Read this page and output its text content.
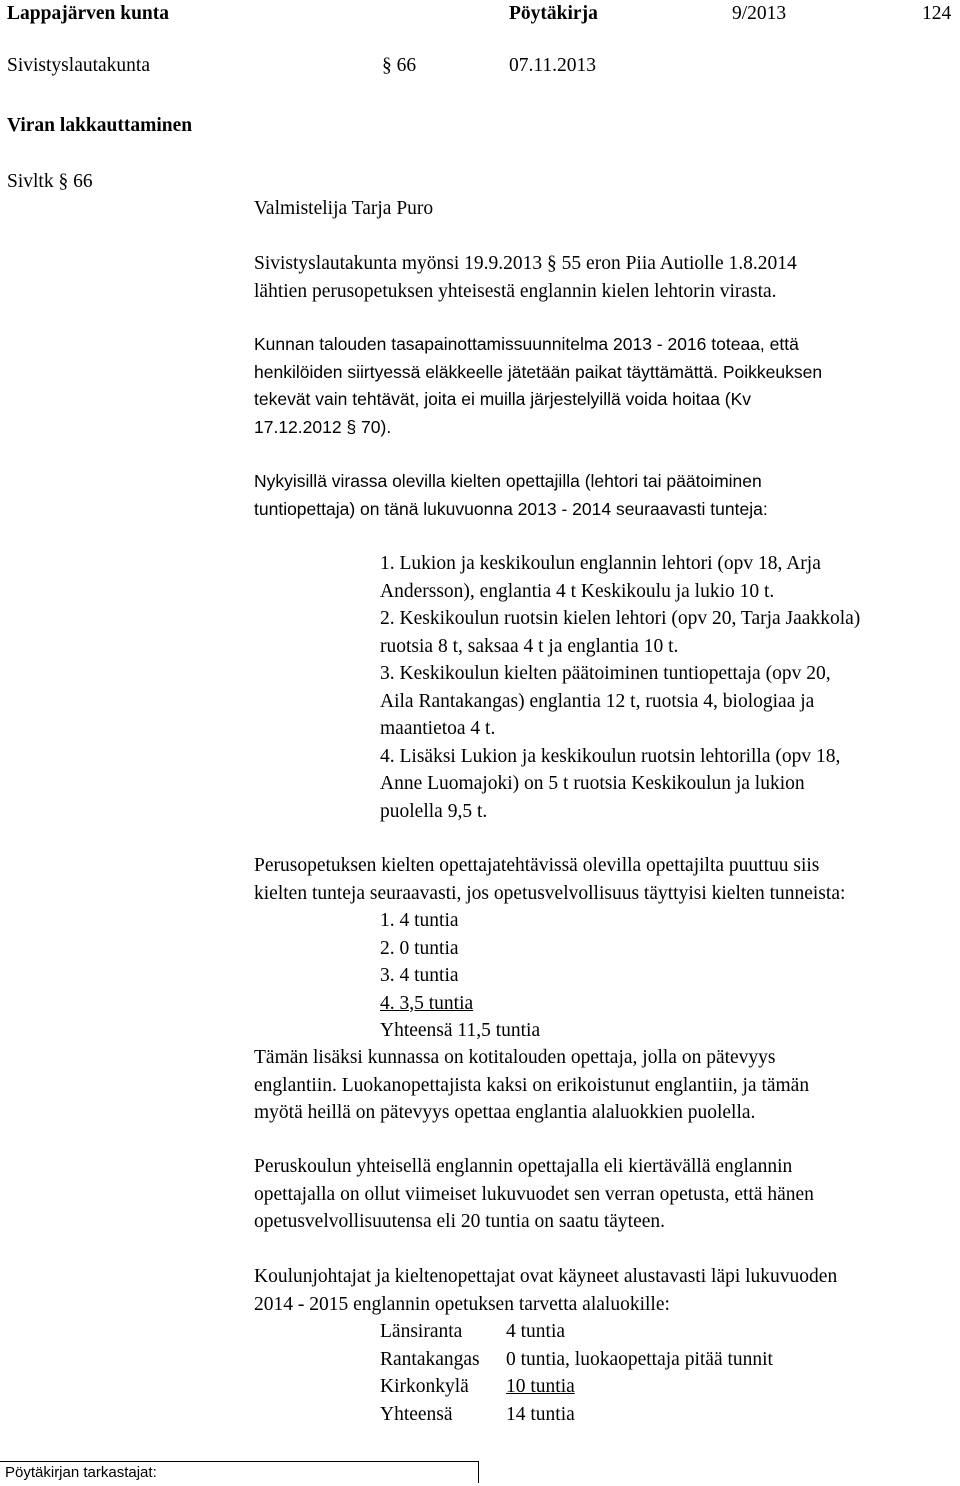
Lappajärven kunta	Pöytäkirja	9/2013	124
Sivistyslautakunta	§ 66	07.11.2013
Viran lakkauttaminen
Sivltk § 66
Valmistelija Tarja Puro
Sivistyslautakunta myönsi 19.9.2013 § 55 eron Piia Autiolle 1.8.2014
lähtien perusopetuksen yhteisestä englannin kielen lehtorin virasta.
Kunnan talouden tasapainottamissuunnitelma 2013 - 2016 toteaa, että
henkilöiden siirtyessä eläkkeelle jätetään paikat täyttämättä. Poikkeuksen
tekevät vain tehtävät, joita ei muilla järjestelyillä voida hoitaa (Kv
17.12.2012 § 70).
Nykyisillä virassa olevilla kielten opettajilla (lehtori tai päätoiminen
tuntiopettaja) on tänä lukuvuonna 2013 - 2014 seuraavasti tunteja:
1. Lukion ja keskikoulun englannin lehtori (opv 18, Arja
Andersson), englantia 4 t Keskikoulu ja lukio 10 t.
2. Keskikoulun ruotsin kielen lehtori (opv 20, Tarja Jaakkola)
ruotsia 8 t, saksaa 4 t ja englantia 10 t.
3. Keskikoulun kielten päätoiminen tuntiopettaja (opv 20,
Aila Rantakangas) englantia 12 t, ruotsia 4, biologiaa ja
maantietoa 4 t.
4. Lisäksi Lukion ja keskikoulun ruotsin lehtorilla (opv 18,
Anne Luomajoki) on 5 t ruotsia Keskikoulun ja lukion
puolella 9,5 t.
Perusopetuksen kielten opettajatehtävissä olevilla opettajilta puuttuu siis
kielten tunteja seuraavasti, jos opetusvelvollisuus täyttyisi kielten tunneista:
1. 4 tuntia
2. 0 tuntia
3. 4 tuntia
4. 3,5 tuntia
Yhteensä 11,5 tuntia
Tämän lisäksi kunnassa on kotitalouden opettaja, jolla on pätevyys
englantiin. Luokanopettajista kaksi on erikoistunut englantiin, ja tämän
myötä heillä on pätevyys opettaa englantia alaluokkien puolella.
Peruskoulun yhteisellä englannin opettajalla eli kiertävällä englannin
opettajalla on ollut viimeiset lukuvuodet sen verran opetusta, että hänen
opetusvelvollisuutensa eli 20 tuntia on saatu täyteen.
Koulunjohtajat ja kieltenopettajat ovat käyneet alustavasti läpi lukuvuoden
2014 - 2015 englannin opetuksen tarvetta alaluokille:
Länsiranta 4 tuntia
Rantakangas 0 tuntia, luokaopettaja pitää tunnit
Kirkonkylä 10 tuntia
Yhteensä	14 tuntia
Pöytäkirjan tarkastajat:
